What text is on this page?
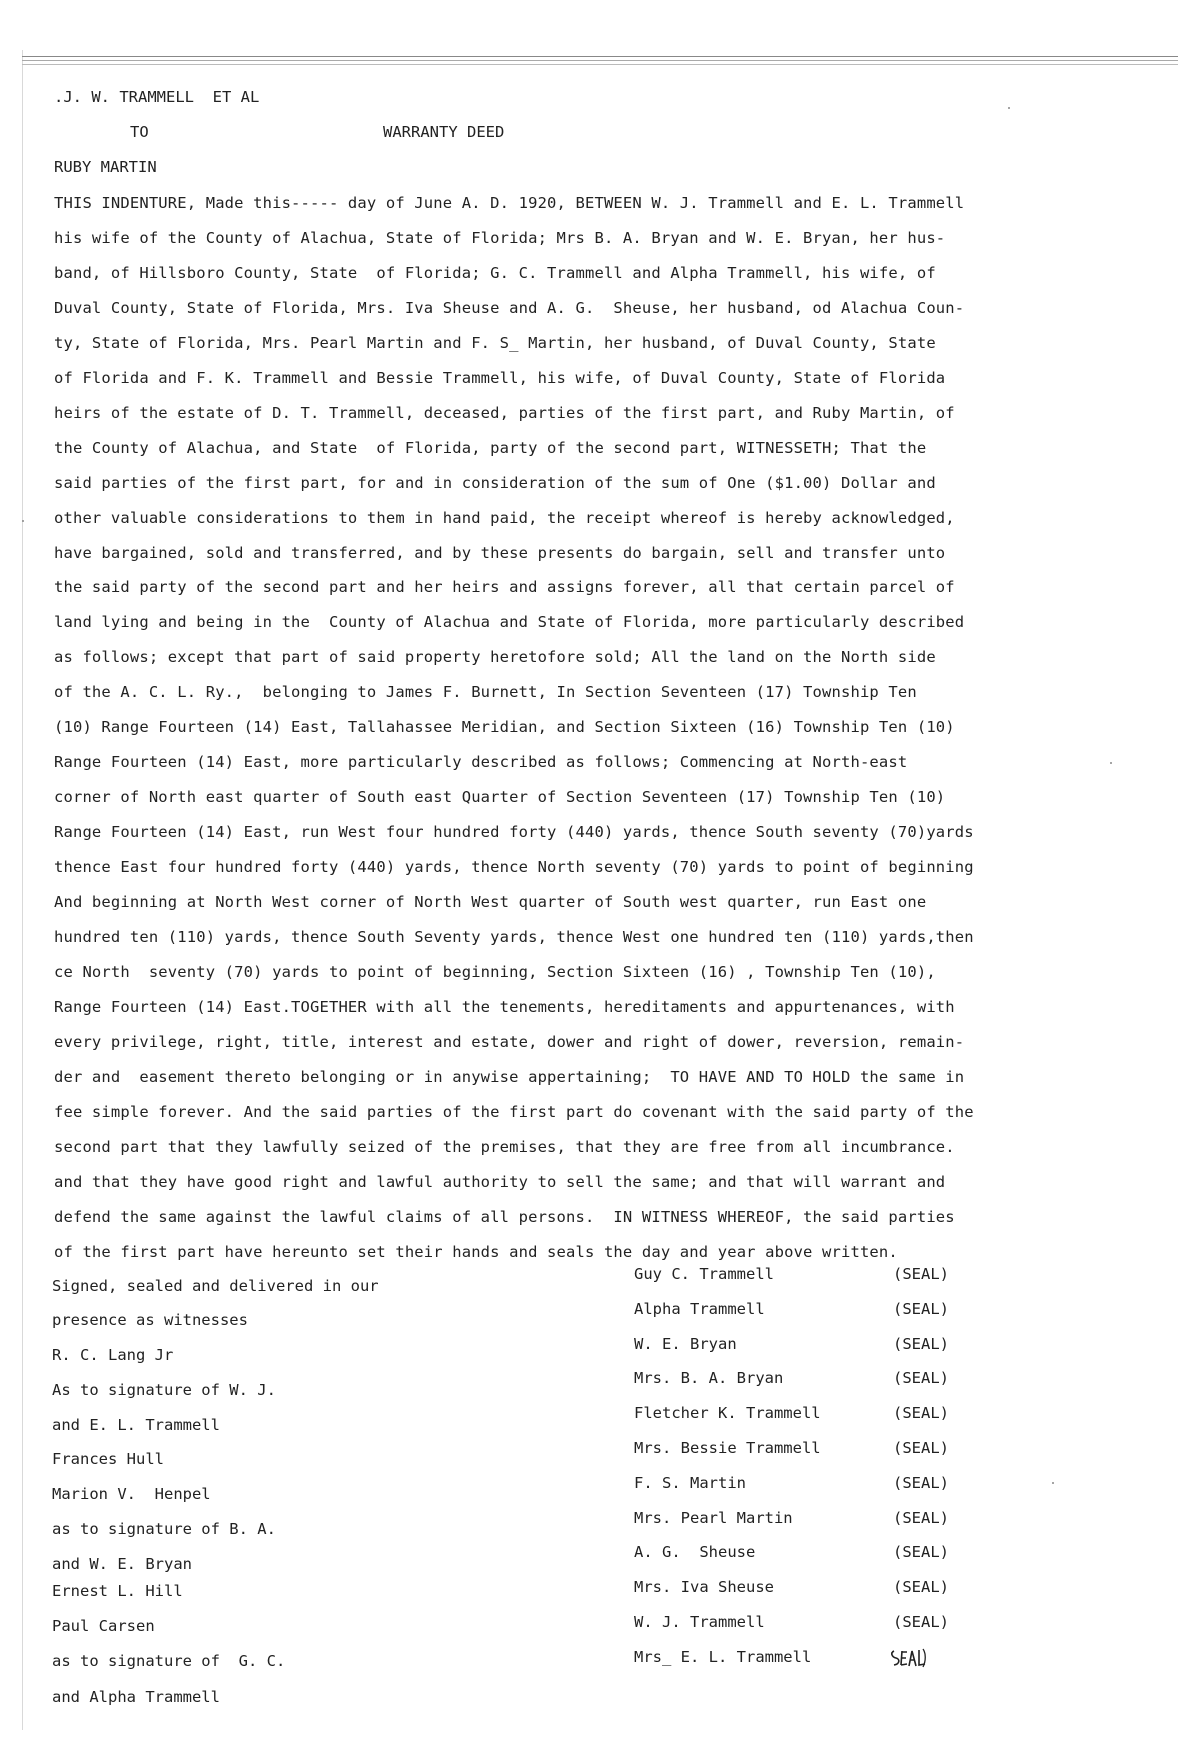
.J. W. TRAMMELL  ET AL
TO	WARRANTY DEED
RUBY MARTIN
THIS INDENTURE, Made this----- day of June A. D. 1920, BETWEEN W. J. Trammell and E. L. Trammell
his wife of the County of Alachua, State of Florida; Mrs B. A. Bryan and W. E. Bryan, her hus-
band, of Hillsboro County, State  of Florida; G. C. Trammell and Alpha Trammell, his wife, of
Duval County, State of Florida, Mrs. Iva Sheuse and A. G.  Sheuse, her husband, od Alachua Coun-
ty, State of Florida, Mrs. Pearl Martin and F. S_ Martin, her husband, of Duval County, State
of Florida and F. K. Trammell and Bessie Trammell, his wife, of Duval County, State of Florida
heirs of the estate of D. T. Trammell, deceased, parties of the first part, and Ruby Martin, of
the County of Alachua, and State  of Florida, party of the second part, WITNESSETH; That the
said parties of the first part, for and in consideration of the sum of One ($1.00) Dollar and
other valuable considerations to them in hand paid, the receipt whereof is hereby acknowledged,
have bargained, sold and transferred, and by these presents do bargain, sell and transfer unto
the said party of the second part and her heirs and assigns forever, all that certain parcel of
land lying and being in the  County of Alachua and State of Florida, more particularly described
as follows; except that part of said property heretofore sold; All the land on the North side
of the A. C. L. Ry.,  belonging to James F. Burnett, In Section Seventeen (17) Township Ten
(10) Range Fourteen (14) East, Tallahassee Meridian, and Section Sixteen (16) Township Ten (10)
Range Fourteen (14) East, more particularly described as follows; Commencing at North-east
corner of North east quarter of South east Quarter of Section Seventeen (17) Township Ten (10)
Range Fourteen (14) East, run West four hundred forty (440) yards, thence South seventy (70)yards
thence East four hundred forty (440) yards, thence North seventy (70) yards to point of beginning
And beginning at North West corner of North West quarter of South west quarter, run East one
hundred ten (110) yards, thence South Seventy yards, thence West one hundred ten (110) yards,then
ce North  seventy (70) yards to point of beginning, Section Sixteen (16) , Township Ten (10),
Range Fourteen (14) East.TOGETHER with all the tenements, hereditaments and appurtenances, with
every privilege, right, title, interest and estate, dower and right of dower, reversion, remain-
der and  easement thereto belonging or in anywise appertaining;  TO HAVE AND TO HOLD the same in
fee simple forever. And the said parties of the first part do covenant with the said party of the
second part that they lawfully seized of the premises, that they are free from all incumbrance.
and that they have good right and lawful authority to sell the same; and that will warrant and
defend the same against the lawful claims of all persons.  IN WITNESS WHEREOF, the said parties
of the first part have hereunto set their hands and seals the day and year above written.
Signed, sealed and delivered in our
presence as witnesses
R. C. Lang Jr
As to signature of W. J.
and E. L. Trammell
Frances Hull
Marion V.  Henpel
as to signature of B. A.
and W. E. Bryan
Ernest L. Hill
Paul Carsen
as to signature of  G. C.
and Alpha Trammell
Guy C. Trammell	(SEAL)
Alpha Trammell	(SEAL)
W. E. Bryan	(SEAL)
Mrs. B. A. Bryan	(SEAL)
Fletcher K. Trammell	(SEAL)
Mrs. Bessie Trammell	(SEAL)
F. S. Martin	(SEAL)
Mrs. Pearl Martin	(SEAL)
A. G.  Sheuse	(SEAL)
Mrs. Iva Sheuse	(SEAL)
W. J. Trammell	(SEAL)
Mrs_ E. L. Trammell
